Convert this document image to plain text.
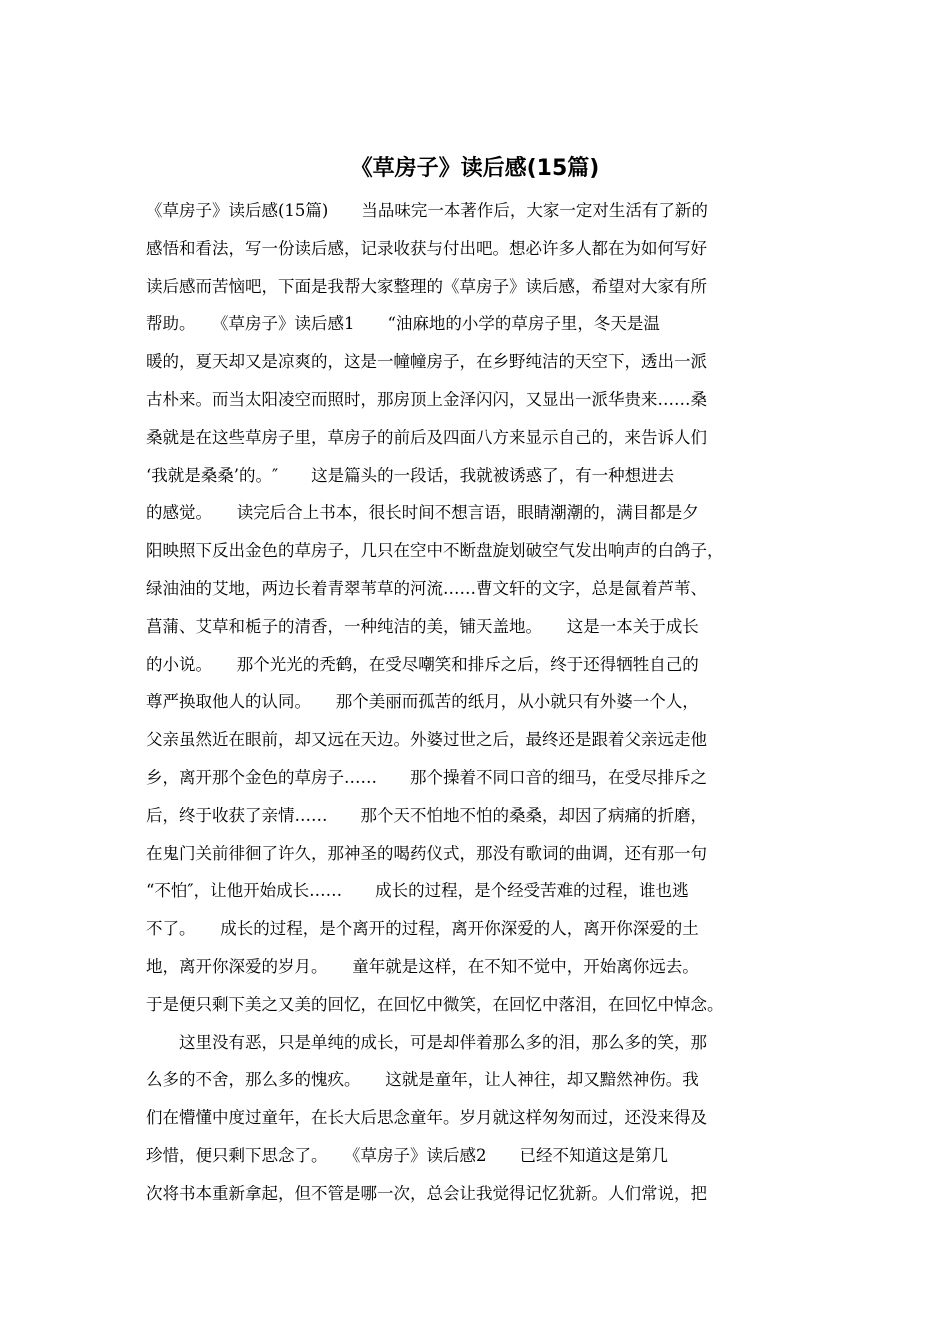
《草房子》读后感(15篇)
《草房子》读后感(15篇)　　当品味完一本著作后，大家一定对生活有了新的
感悟和看法，写一份读后感，记录收获与付出吧。想必许多人都在为如何写好
读后感而苦恼吧，下面是我帮大家整理的《草房子》读后感，希望对大家有所
帮助。　　《草房子》读后感1　　“油麻地的小学的草房子里，冬天是温
暖的，夏天却又是凉爽的，这是一幢幢房子，在乡野纯洁的天空下，透出一派
古朴来。而当太阳凌空而照时，那房顶上金泽闪闪，又显出一派华贵来……桑
桑就是在这些草房子里，草房子的前后及四面八方来显示自己的，来告诉人们
‘我就是桑桑’的。″　　这是篇头的一段话，我就被诱惑了，有一种想进去
的感觉。　　读完后合上书本，很长时间不想言语，眼睛潮潮的，满目都是夕
阳映照下反出金色的草房子，几只在空中不断盘旋划破空气发出响声的白鸽子，
绿油油的艾地，两边长着青翠苇草的河流……曹文轩的文字，总是氤着芦苇、
菖蒲、艾草和栀子的清香，一种纯洁的美，铺天盖地。　　这是一本关于成长
的小说。　　那个光光的秃鹤，在受尽嘲笑和排斥之后，终于还得牺牲自己的
尊严换取他人的认同。　　那个美丽而孤苦的纸月，从小就只有外婆一个人，
父亲虽然近在眼前，却又远在天边。外婆过世之后，最终还是跟着父亲远走他
乡，离开那个金色的草房子……　　那个操着不同口音的细马，在受尽排斥之
后，终于收获了亲情……　　那个天不怕地不怕的桑桑，却因了病痛的折磨，
在鬼门关前徘徊了许久，那神圣的喝药仪式，那没有歌词的曲调，还有那一句
“不怕″，让他开始成长……　　成长的过程，是个经受苦难的过程，谁也逃
不了。　　成长的过程，是个离开的过程，离开你深爱的人，离开你深爱的土
地，离开你深爱的岁月。　　童年就是这样，在不知不觉中，开始离你远去。
于是便只剩下美之又美的回忆，在回忆中微笑，在回忆中落泪，在回忆中悼念。
　　这里没有恶，只是单纯的成长，可是却伴着那么多的泪，那么多的笑，那
么多的不舍，那么多的愧疚。　　这就是童年，让人神往，却又黯然神伤。我
们在懵懂中度过童年，在长大后思念童年。岁月就这样匆匆而过，还没来得及
珍惜，便只剩下思念了。　　《草房子》读后感2　　已经不知道这是第几
次将书本重新拿起，但不管是哪一次，总会让我觉得记忆犹新。人们常说，把
